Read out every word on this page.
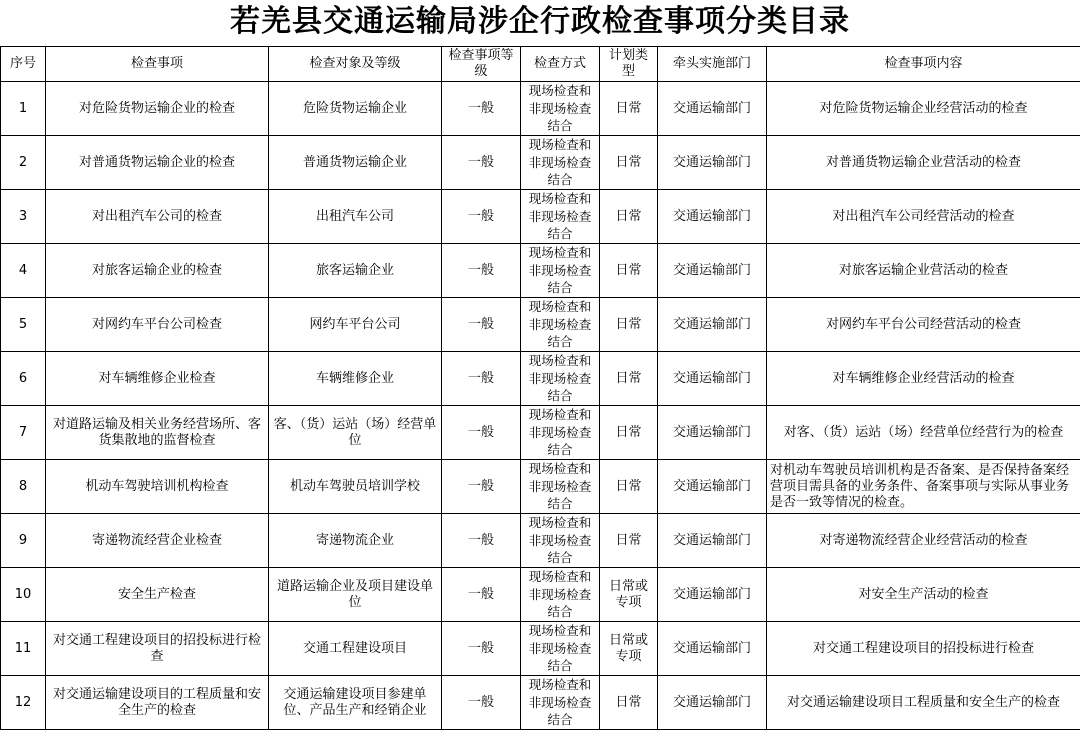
若羌县交通运输局涉企行政检查事项分类目录
序号	检查事项	检查对象及等级	检查事项等级	检查方式	计划类型	牵头实施部门	检查事项内容
1	对危险货物运输企业的检查	危险货物运输企业	一般	现场检查和非现场检查结合	日常	交通运输部门	对危险货物运输企业经营活动的检查
2	对普通货物运输企业的检查	普通货物运输企业	一般	现场检查和非现场检查结合	日常	交通运输部门	对普通货物运输企业营活动的检查
3	对出租汽车公司的检查	出租汽车公司	一般	现场检查和非现场检查结合	日常	交通运输部门	对出租汽车公司经营活动的检查
4	对旅客运输企业的检查	旅客运输企业	一般	现场检查和非现场检查结合	日常	交通运输部门	对旅客运输企业营活动的检查
5	对网约车平台公司检查	网约车平台公司	一般	现场检查和非现场检查结合	日常	交通运输部门	对网约车平台公司经营活动的检查
6	对车辆维修企业检查	车辆维修企业	一般	现场检查和非现场检查结合	日常	交通运输部门	对车辆维修企业经营活动的检查
7	对道路运输及相关业务经营场所、客货集散地的监督检查	客、（货）运站（场）经营单位	一般	现场检查和非现场检查结合	日常	交通运输部门	对客、（货）运站（场）经营单位经营行为的检查
8	机动车驾驶培训机构检查	机动车驾驶员培训学校	一般	现场检查和非现场检查结合	日常	交通运输部门	对机动车驾驶员培训机构是否备案、是否保持备案经营项目需具备的业务条件、备案事项与实际从事业务是否一致等情况的检查。
9	寄递物流经营企业检查	寄递物流企业	一般	现场检查和非现场检查结合	日常	交通运输部门	对寄递物流经营企业经营活动的检查
10	安全生产检查	道路运输企业及项目建设单位	一般	现场检查和非现场检查结合	日常或专项	交通运输部门	对安全生产活动的检查
11	对交通工程建设项目的招投标进行检查	交通工程建设项目	一般	现场检查和非现场检查结合	日常或专项	交通运输部门	对交通工程建设项目的招投标进行检查
12	对交通运输建设项目的工程质量和安全生产的检查	交通运输建设项目参建单位、产品生产和经销企业	一般	现场检查和非现场检查结合	日常	交通运输部门	对交通运输建设项目工程质量和安全生产的检查
